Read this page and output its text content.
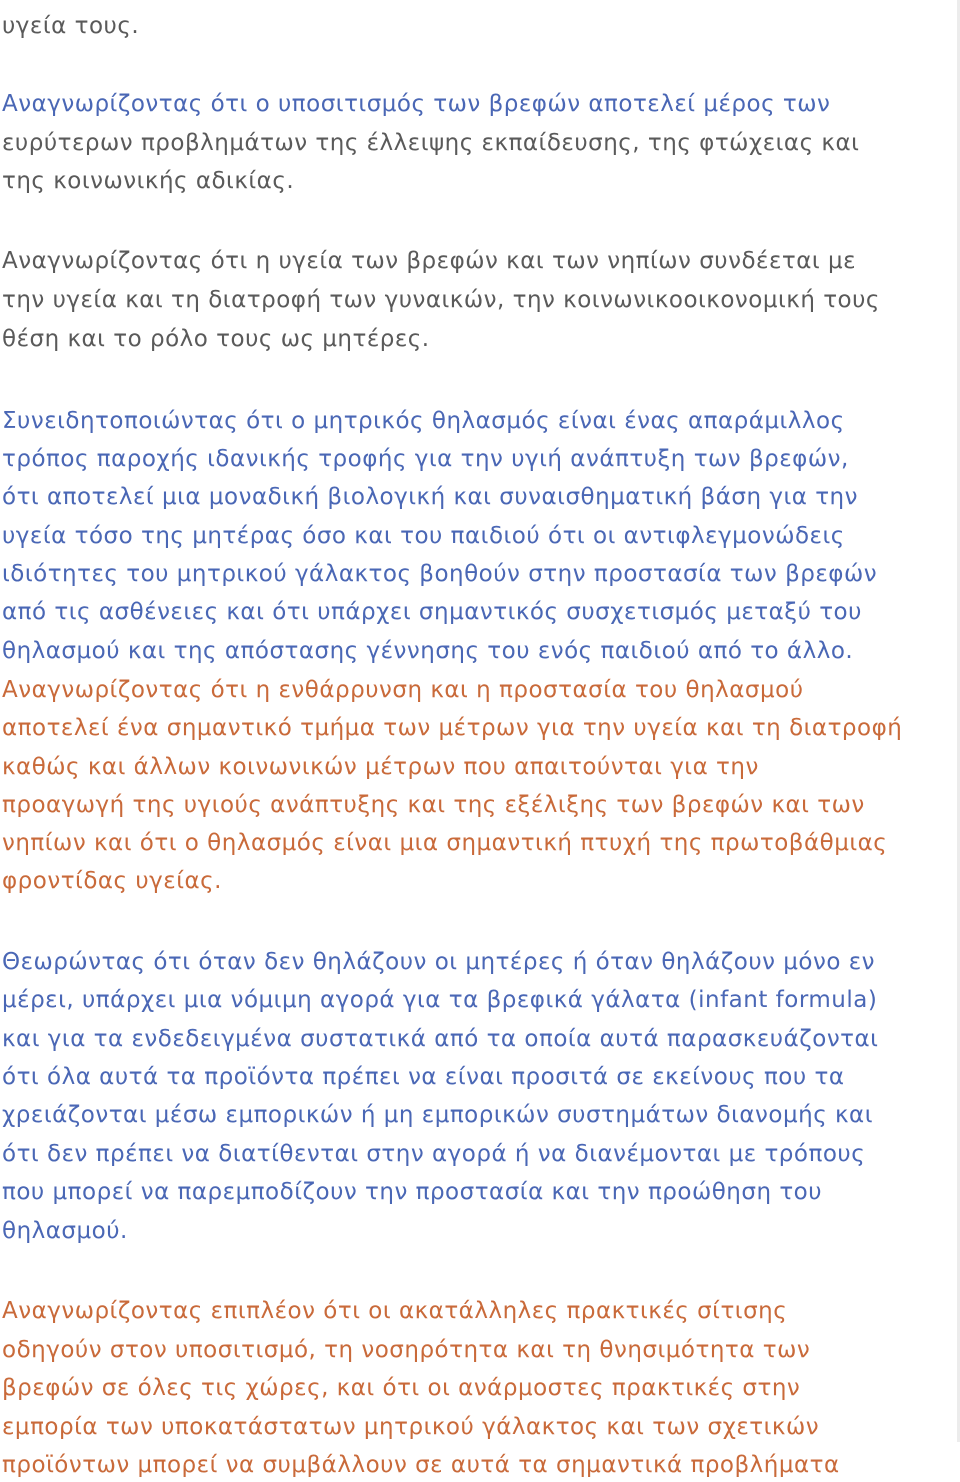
υγεία τους.
Αναγνωρίζοντας ότι ο υποσιτισμός των βρεφών αποτελεί μέρος των
ευρύτερων προβλημάτων της έλλειψης εκπαίδευσης, της φτώχειας και
της κοινωνικής αδικίας.
Αναγνωρίζοντας ότι η υγεία των βρεφών και των νηπίων συνδέεται με
την υγεία και τη διατροφή των γυναικών, την κοινωνικοοικονομική τους
θέση και το ρόλο τους ως μητέρες.
Συνειδητοποιώντας ότι ο μητρικός θηλασμός είναι ένας απαράμιλλος
τρόπος παροχής ιδανικής τροφής για την υγιή ανάπτυξη των βρεφών,
ότι αποτελεί μια μοναδική βιολογική και συναισθηματική βάση για την
υγεία τόσο της μητέρας όσο και του παιδιού ότι οι αντιφλεγμονώδεις
ιδιότητες του μητρικού γάλακτος βοηθούν στην προστασία των βρεφών
από τις ασθένειες και ότι υπάρχει σημαντικός συσχετισμός μεταξύ του
θηλασμού και της απόστασης γέννησης του ενός παιδιού από το άλλο.
Αναγνωρίζοντας ότι η ενθάρρυνση και η προστασία του θηλασμού
αποτελεί ένα σημαντικό τμήμα των μέτρων για την υγεία και τη διατροφή
καθώς και άλλων κοινωνικών μέτρων που απαιτούνται για την
προαγωγή της υγιούς ανάπτυξης και της εξέλιξης των βρεφών και των
νηπίων και ότι ο θηλασμός είναι μια σημαντική πτυχή της πρωτοβάθμιας
φροντίδας υγείας.
Θεωρώντας ότι όταν δεν θηλάζουν οι μητέρες ή όταν θηλάζουν μόνο εν
μέρει, υπάρχει μια νόμιμη αγορά για τα βρεφικά γάλατα (infant formula)
και για τα ενδεδειγμένα συστατικά από τα οποία αυτά παρασκευάζονται
ότι όλα αυτά τα προϊόντα πρέπει να είναι προσιτά σε εκείνους που τα
χρειάζονται μέσω εμπορικών ή μη εμπορικών συστημάτων διανομής και
ότι δεν πρέπει να διατίθενται στην αγορά ή να διανέμονται με τρόπους
που μπορεί να παρεμποδίζουν την προστασία και την προώθηση του
θηλασμού.
Αναγνωρίζοντας επιπλέον ότι οι ακατάλληλες πρακτικές σίτισης
οδηγούν στον υποσιτισμό, τη νοσηρότητα και τη θνησιμότητα των
βρεφών σε όλες τις χώρες, και ότι οι ανάρμοστες πρακτικές στην
εμπορία των υποκατάστατων μητρικού γάλακτος και των σχετικών
προϊόντων μπορεί να συμβάλλουν σε αυτά τα σημαντικά προβλήματα
